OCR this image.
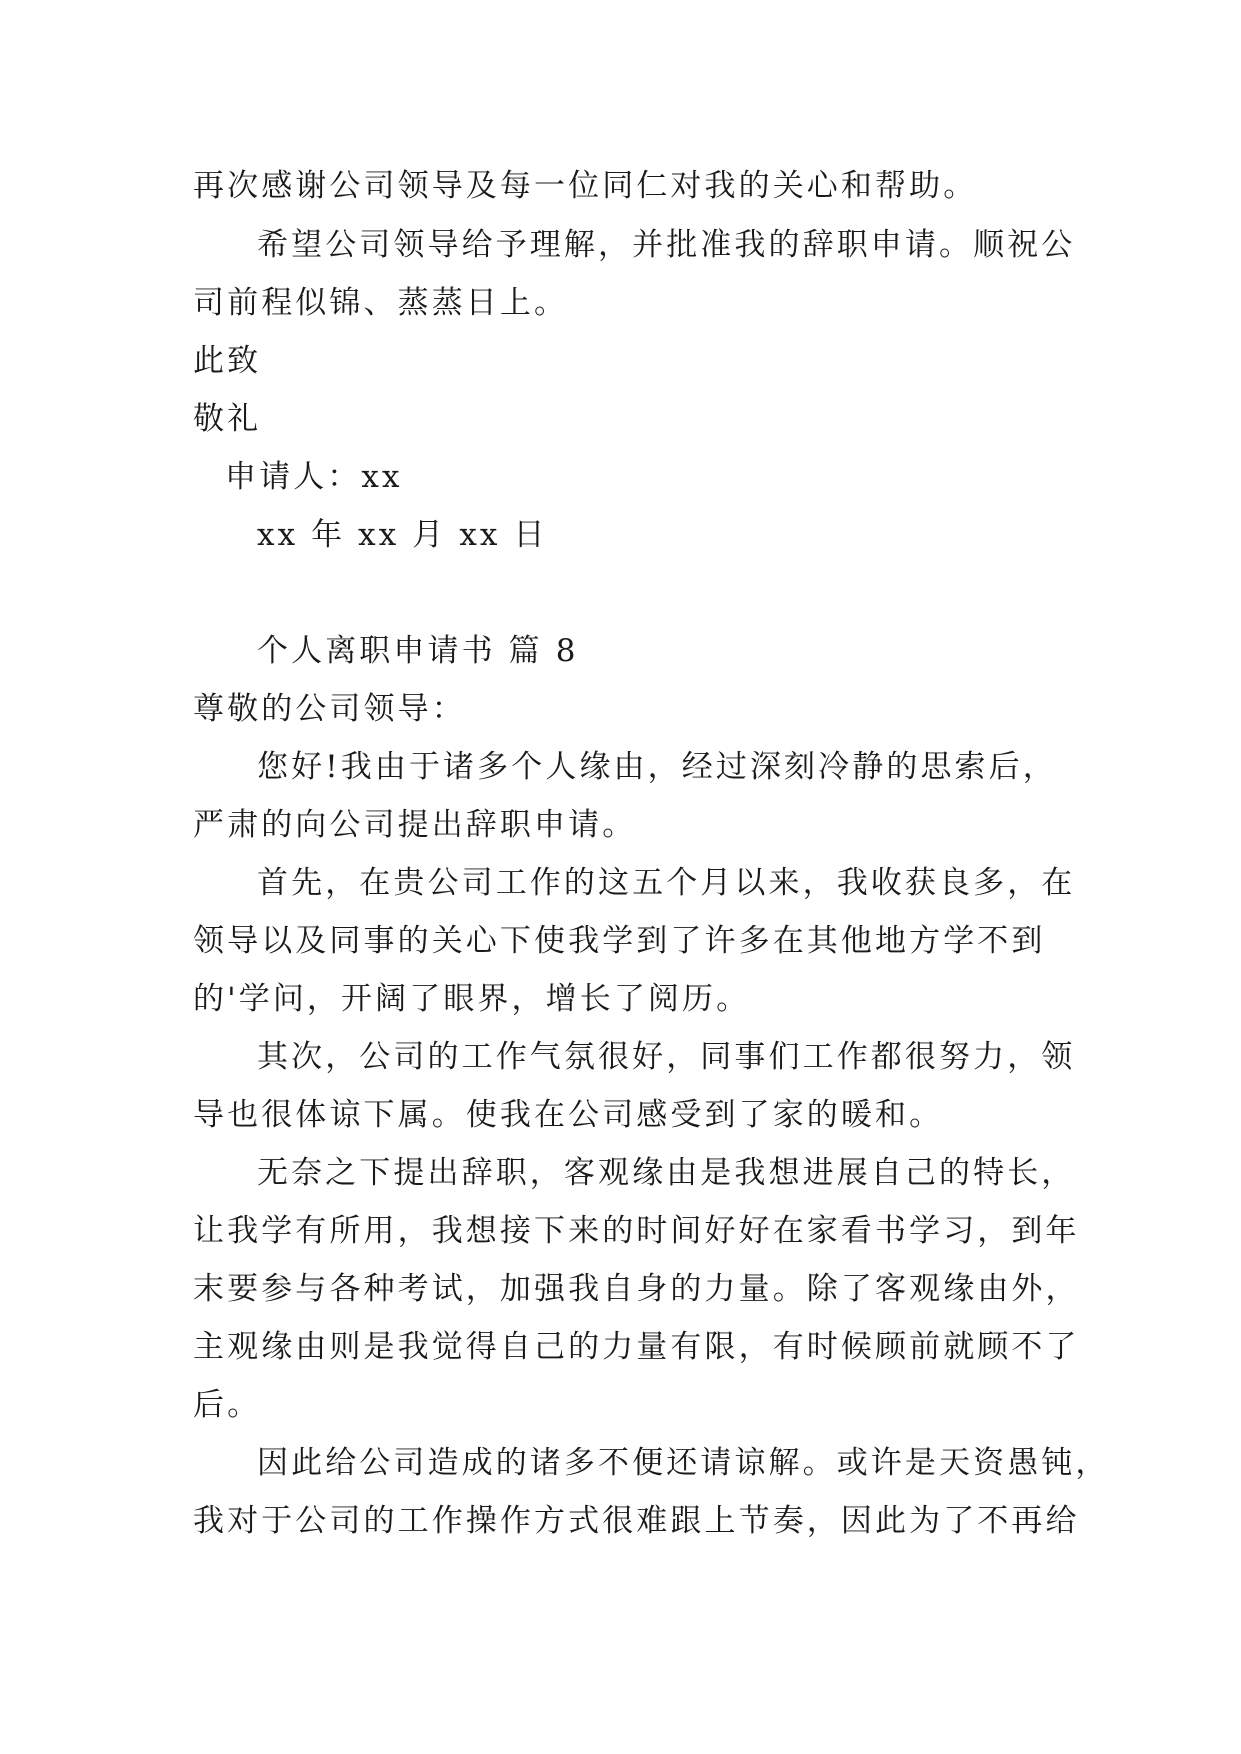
再次感谢公司领导及每一位同仁对我的关心和帮助。
希望公司领导给予理解，并批准我的辞职申请。顺祝公
司前程似锦、蒸蒸日上。
此致
敬礼
申请人：xx
xx 年 xx 月 xx 日
个人离职申请书 篇 8
尊敬的公司领导：
您好!我由于诸多个人缘由，经过深刻冷静的思索后，
严肃的向公司提出辞职申请。
首先，在贵公司工作的这五个月以来，我收获良多，在
领导以及同事的关心下使我学到了许多在其他地方学不到
的'学问，开阔了眼界，增长了阅历。
其次，公司的工作气氛很好，同事们工作都很努力，领
导也很体谅下属。使我在公司感受到了家的暖和。
无奈之下提出辞职，客观缘由是我想进展自己的特长，
让我学有所用，我想接下来的时间好好在家看书学习，到年
末要参与各种考试，加强我自身的力量。除了客观缘由外，
主观缘由则是我觉得自己的力量有限，有时候顾前就顾不了
后。
因此给公司造成的诸多不便还请谅解。或许是天资愚钝，
我对于公司的工作操作方式很难跟上节奏，因此为了不再给
